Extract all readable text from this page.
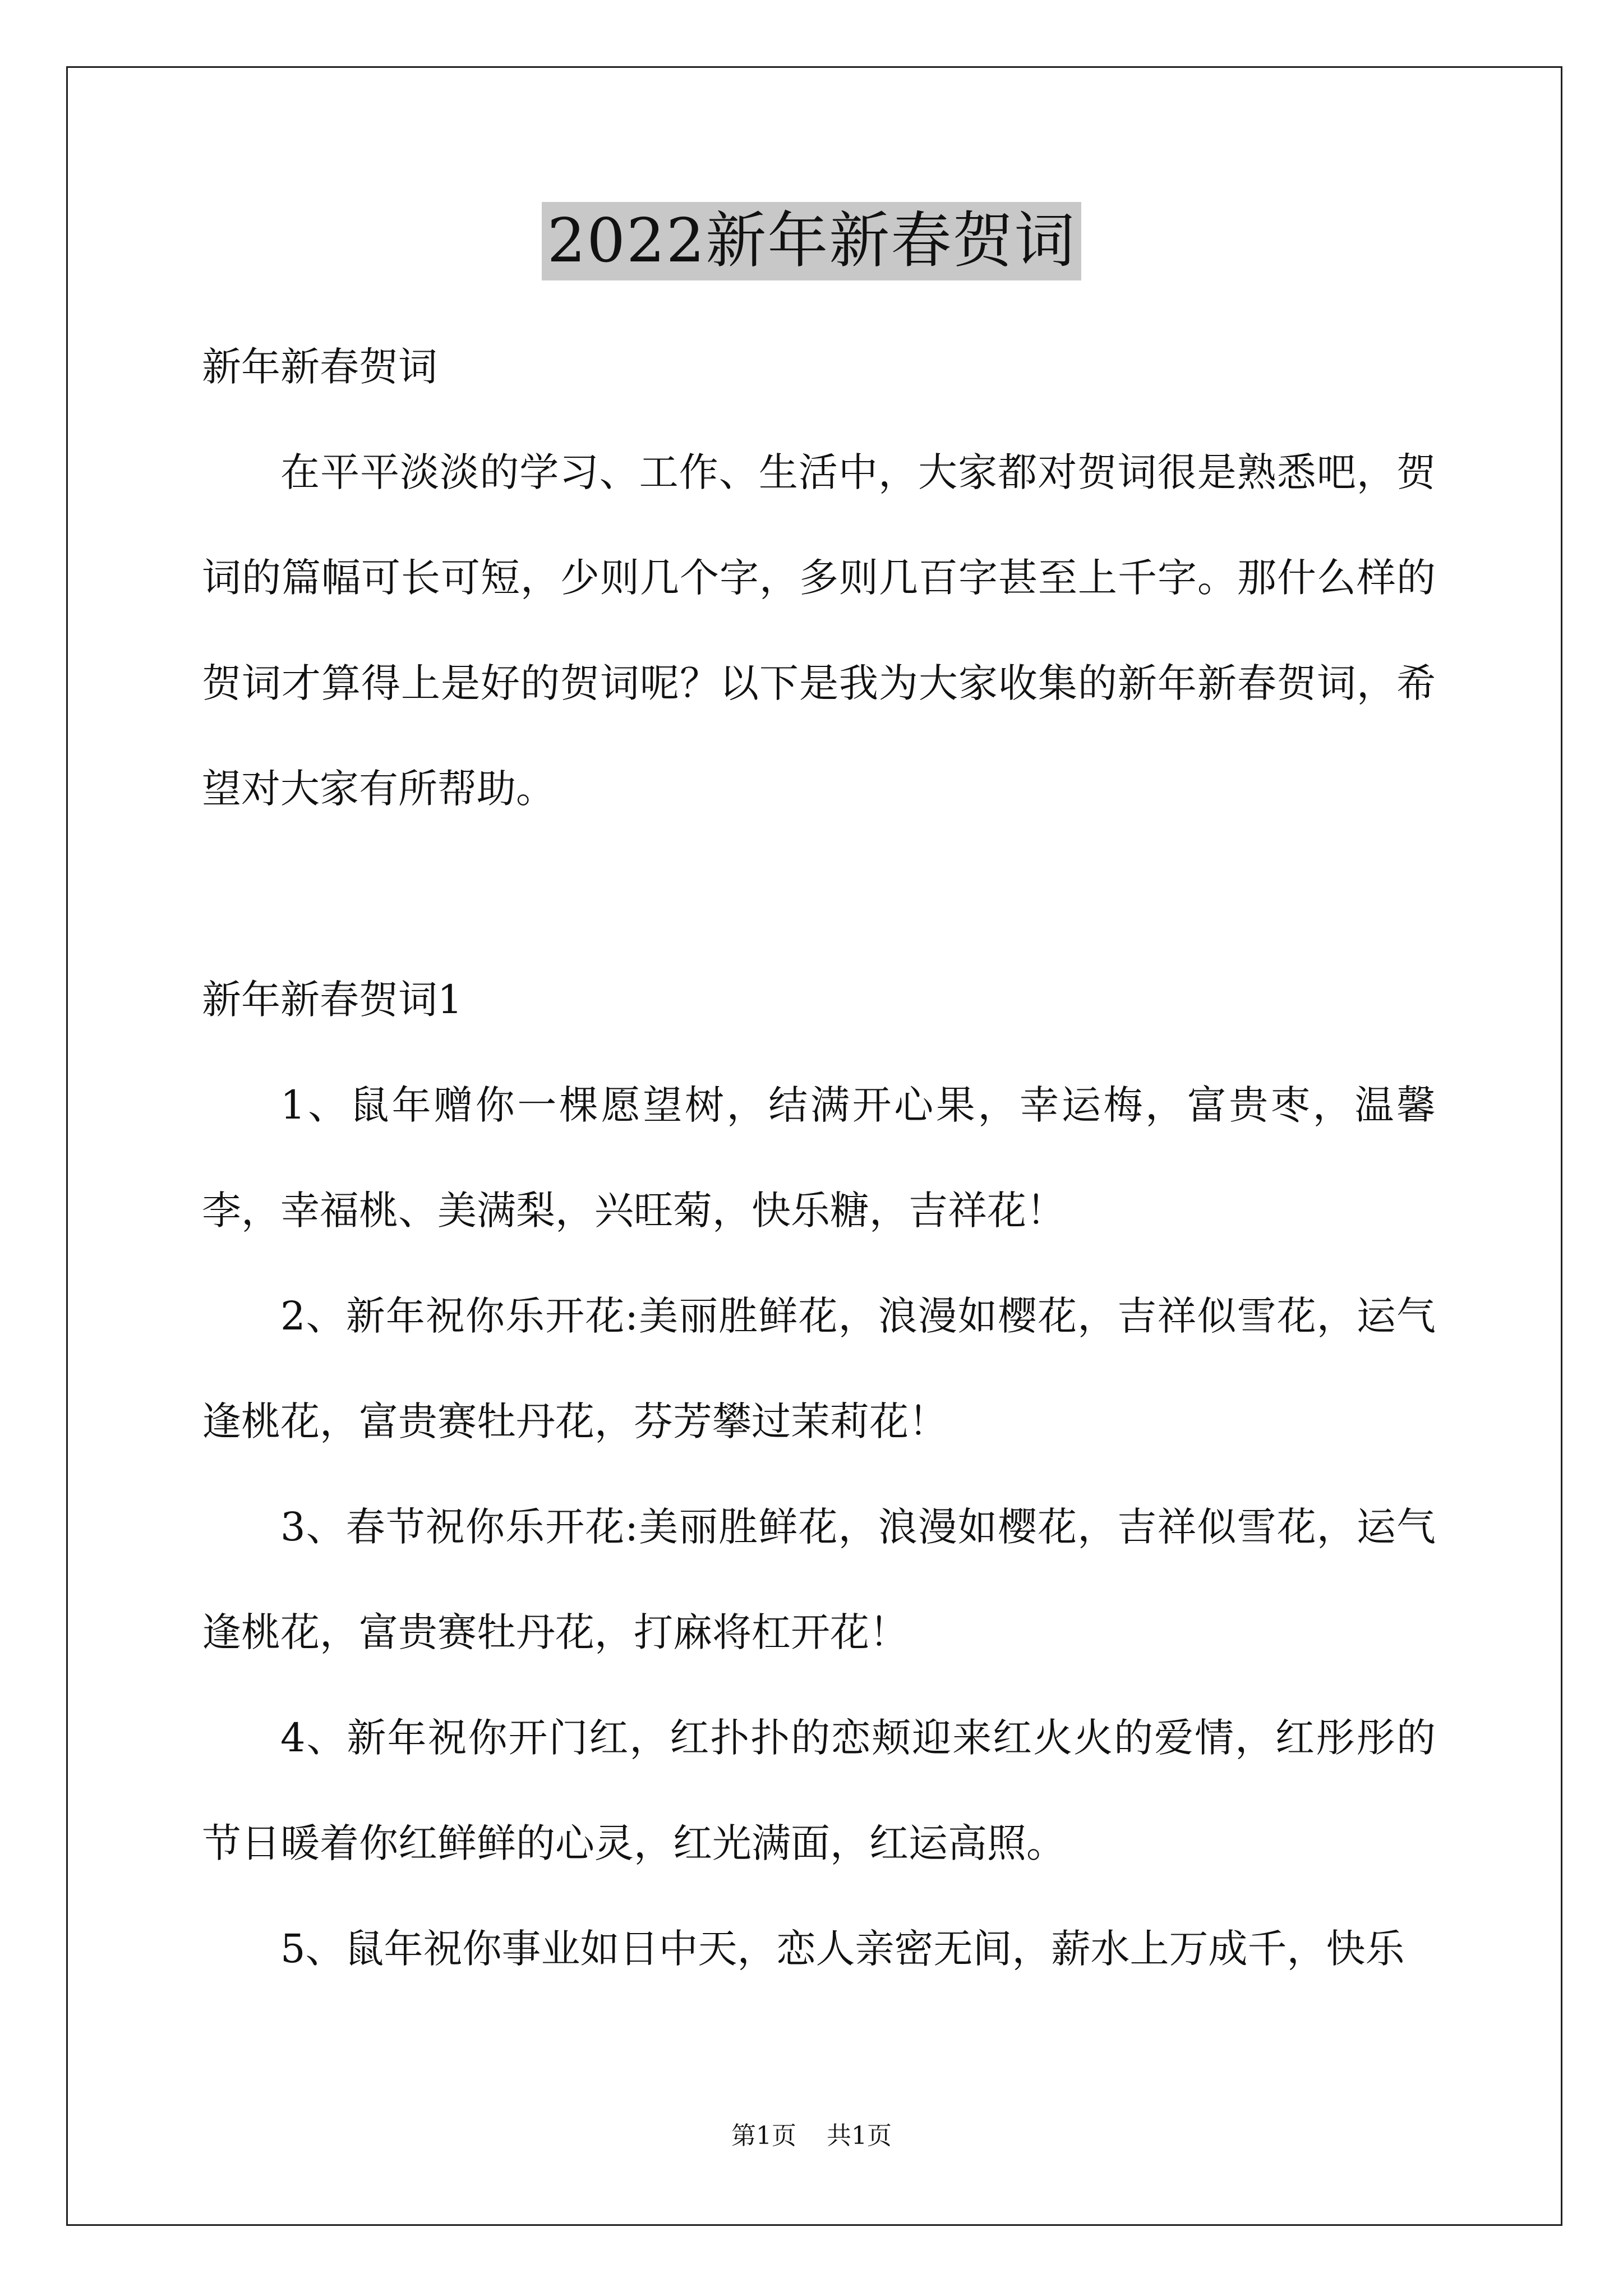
2022新年新春贺词

新年新春贺词

在平平淡淡的学习、工作、生活中，大家都对贺词很是熟悉吧，贺词的篇幅可长可短，少则几个字，多则几百字甚至上千字。那什么样的贺词才算得上是好的贺词呢？以下是我为大家收集的新年新春贺词，希望对大家有所帮助。

新年新春贺词1

1、鼠年赠你一棵愿望树，结满开心果，幸运梅，富贵枣，温馨李，幸福桃、美满梨，兴旺菊，快乐糖，吉祥花！

2、新年祝你乐开花:美丽胜鲜花，浪漫如樱花，吉祥似雪花，运气逢桃花，富贵赛牡丹花，芬芳攀过茉莉花！

3、春节祝你乐开花:美丽胜鲜花，浪漫如樱花，吉祥似雪花，运气逢桃花，富贵赛牡丹花，打麻将杠开花！

4、新年祝你开门红，红扑扑的恋颊迎来红火火的爱情，红彤彤的节日暖着你红鲜鲜的心灵，红光满面，红运高照。

5、鼠年祝你事业如日中天，恋人亲密无间，薪水上万成千，快乐

第1页 共1页
